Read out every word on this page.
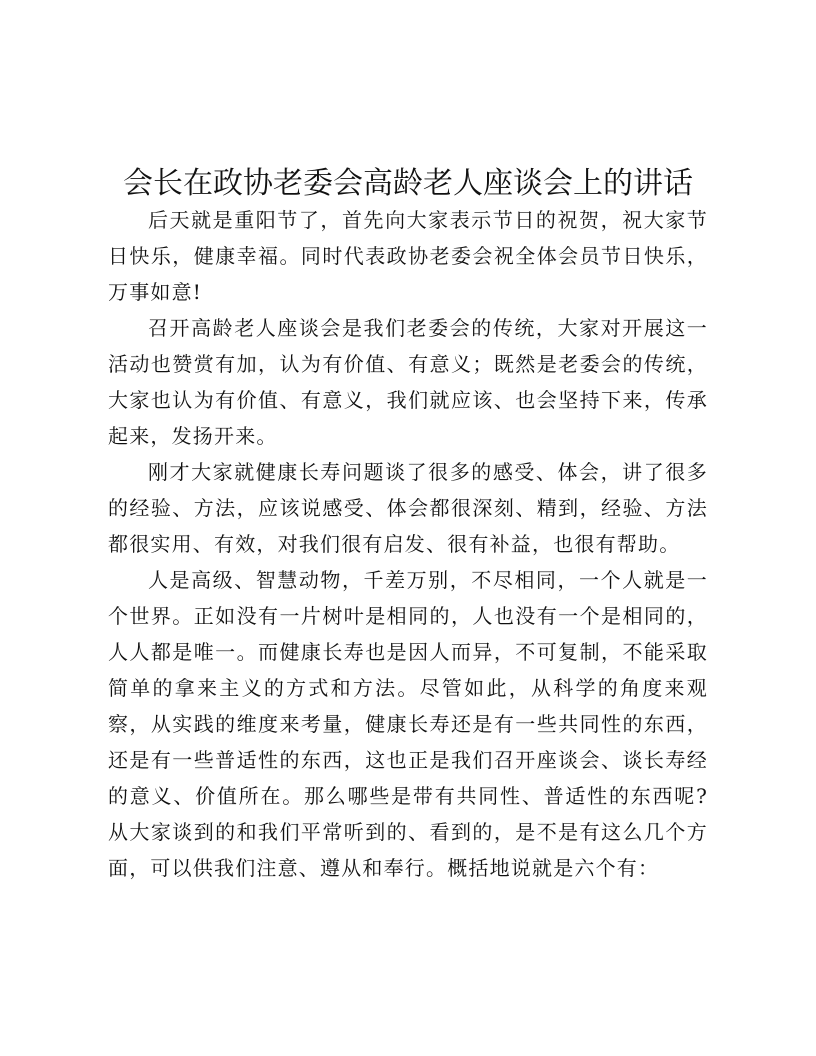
会长在政协老委会高龄老人座谈会上的讲话

后天就是重阳节了，首先向大家表示节日的祝贺，祝大家节日快乐，健康幸福。同时代表政协老委会祝全体会员节日快乐，万事如意!

召开高龄老人座谈会是我们老委会的传统，大家对开展这一活动也赞赏有加，认为有价值、有意义；既然是老委会的传统，大家也认为有价值、有意义，我们就应该、也会坚持下来，传承起来，发扬开来。

刚才大家就健康长寿问题谈了很多的感受、体会，讲了很多的经验、方法，应该说感受、体会都很深刻、精到，经验、方法都很实用、有效，对我们很有启发、很有补益，也很有帮助。

人是高级、智慧动物，千差万别，不尽相同，一个人就是一个世界。正如没有一片树叶是相同的，人也没有一个是相同的，人人都是唯一。而健康长寿也是因人而异，不可复制，不能采取简单的拿来主义的方式和方法。尽管如此，从科学的角度来观察，从实践的维度来考量，健康长寿还是有一些共同性的东西，还是有一些普适性的东西，这也正是我们召开座谈会、谈长寿经的意义、价值所在。那么哪些是带有共同性、普适性的东西呢?从大家谈到的和我们平常听到的、看到的，是不是有这么几个方面，可以供我们注意、遵从和奉行。概括地说就是六个有：
